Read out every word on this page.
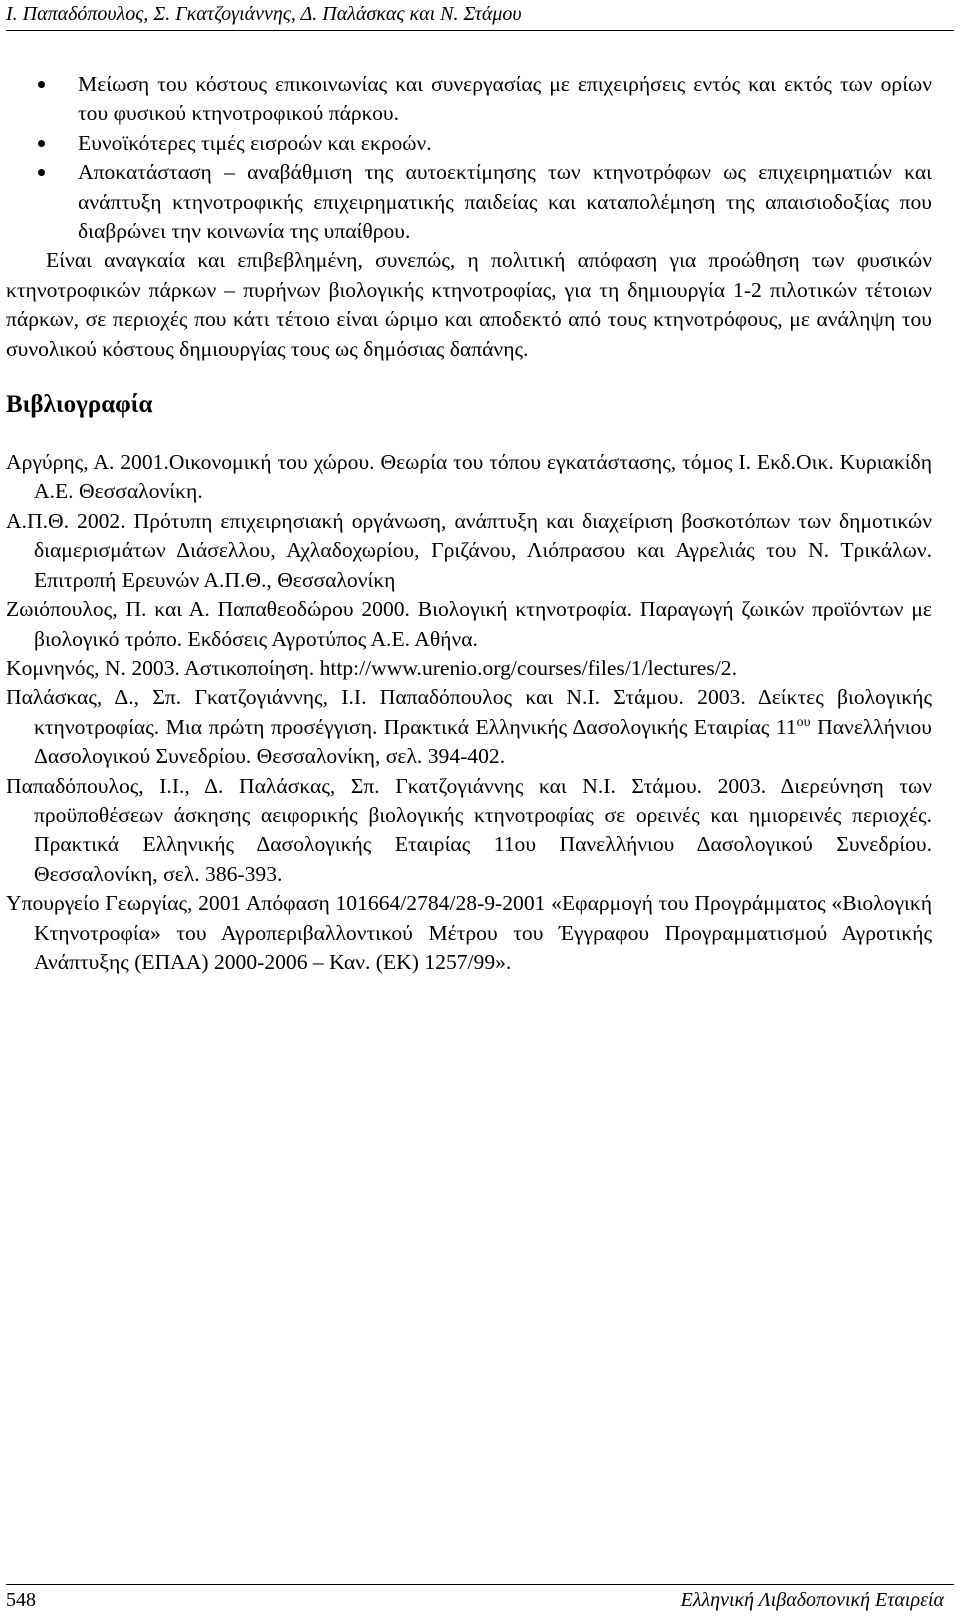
Ι. Παπαδόπουλος, Σ. Γκατζογιάννης, Δ. Παλάσκας και Ν. Στάμου
Μείωση του κόστους επικοινωνίας και συνεργασίας με επιχειρήσεις εντός και εκτός των ορίων του φυσικού κτηνοτροφικού πάρκου.
Ευνοϊκότερες τιμές εισροών και εκροών.
Αποκατάσταση – αναβάθμιση της αυτοεκτίμησης των κτηνοτρόφων ως επιχειρηματιών και ανάπτυξη κτηνοτροφικής επιχειρηματικής παιδείας και καταπολέμηση της απαισιοδοξίας που διαβρώνει την κοινωνία της υπαίθρου.

Είναι αναγκαία και επιβεβλημένη, συνεπώς, η πολιτική απόφαση για προώθηση των φυσικών κτηνοτροφικών πάρκων – πυρήνων βιολογικής κτηνοτροφίας, για τη δημιουργία 1-2 πιλοτικών τέτοιων πάρκων, σε περιοχές που κάτι τέτοιο είναι ώριμο και αποδεκτό από τους κτηνοτρόφους, με ανάληψη του συνολικού κόστους δημιουργίας τους ως δημόσιας δαπάνης.

Βιβλιογραφία

Αργύρης, Α. 2001.Οικονομική του χώρου. Θεωρία του τόπου εγκατάστασης, τόμος Ι. Εκδ.Οικ. Κυριακίδη Α.Ε. Θεσσαλονίκη.

Α.Π.Θ. 2002. Πρότυπη επιχειρησιακή οργάνωση, ανάπτυξη και διαχείριση βοσκοτόπων των δημοτικών διαμερισμάτων Διάσελλου, Αχλαδοχωρίου, Γριζάνου, Λιόπρασου και Αγρελιάς του Ν. Τρικάλων. Επιτροπή Ερευνών Α.Π.Θ., Θεσσαλονίκη

Ζωιόπουλος, Π. και Α. Παπαθεοδώρου 2000. Βιολογική κτηνοτροφία. Παραγωγή ζωικών προϊόντων με βιολογικό τρόπο. Εκδόσεις Αγροτύπος Α.Ε. Αθήνα.

Κομνηνός, Ν. 2003. Αστικοποίηση. http://www.urenio.org/courses/files/1/lectures/2.

Παλάσκας, Δ., Σπ. Γκατζογιάννης, Ι.Ι. Παπαδόπουλος και Ν.Ι. Στάμου. 2003. Δείκτες βιολογικής κτηνοτροφίας. Μια πρώτη προσέγγιση. Πρακτικά Ελληνικής Δασολογικής Εταιρίας $11^{o\upsilon}$ Πανελλήνιου Δασολογικού Συνεδρίου. Θεσσαλονίκη, σελ. 394-402.

Παπαδόπουλος, Ι.Ι., Δ. Παλάσκας, Σπ. Γκατζογιάννης και Ν.Ι. Στάμου. 2003. Διερεύνηση των προϋποθέσεων άσκησης αειφορικής βιολογικής κτηνοτροφίας σε ορεινές και ημιορεινές περιοχές. Πρακτικά Ελληνικής Δασολογικής Εταιρίας 11ου Πανελλήνιου Δασολογικού Συνεδρίου. Θεσσαλονίκη, σελ. 386-393.

Υπουργείο Γεωργίας, 2001 Απόφαση 101664/2784/28-9-2001 «Εφαρμογή του Προγράμματος «Βιολογική Κτηνοτροφία» του Αγροπεριβαλλοντικού Μέτρου του Έγγραφου Προγραμματισμού Αγροτικής Ανάπτυξης (ΕΠΑΑ) 2000-2006 – Καν. (ΕΚ) 1257/99».

548	Ελληνική Λιβαδοπονική Εταιρεία
